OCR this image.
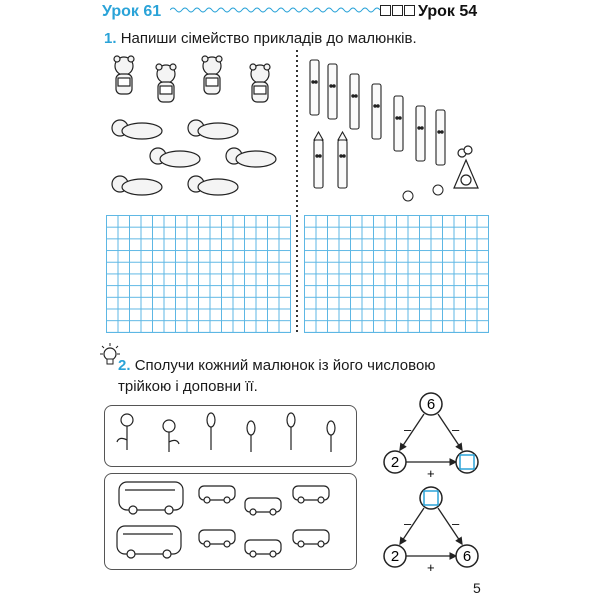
Урок 61	Урок 54
1. Напиши сімейство прикладів до малюнків.
2. Сполучи кожний малюнок із його числовою трійкою і доповни її.
6
2
–	–
+
2	6
–	–
+
5
